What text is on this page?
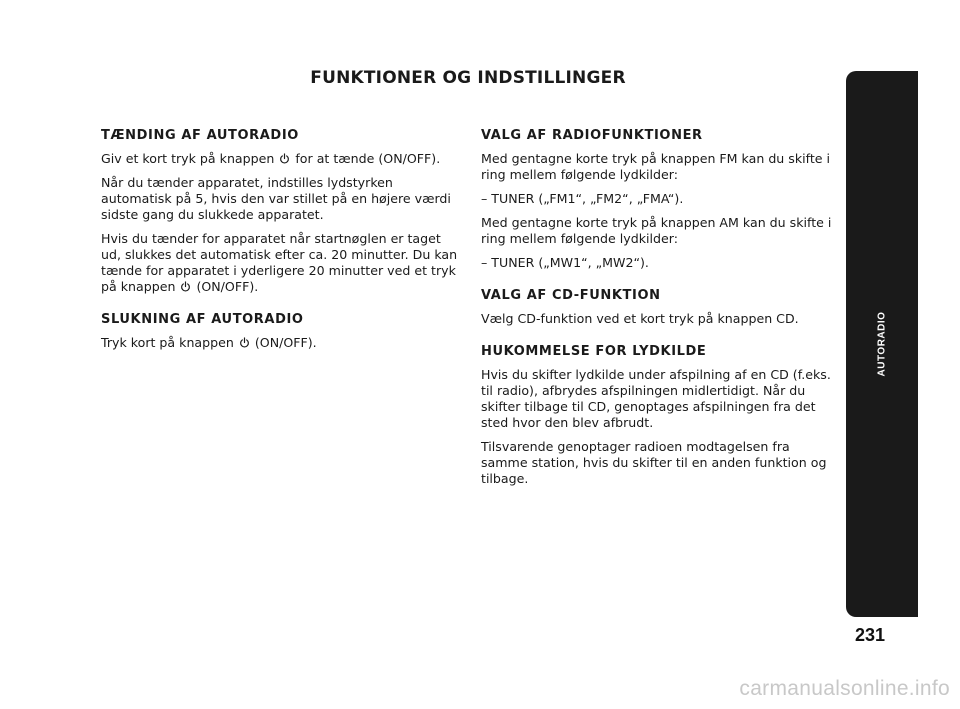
FUNKTIONER OG INDSTILLINGER
TÆNDING AF AUTORADIO
Giv et kort tryk på knappen
for at tænde (ON/OFF).
Når du tænder apparatet, indstilles lydstyrken automatisk på 5, hvis den var stillet på en højere værdi sidste gang du slukkede apparatet.
Hvis du tænder for apparatet når startnøglen er taget ud, slukkes det automatisk efter ca. 20 minutter. Du kan tænde for apparatet i yderligere 20 minutter ved et tryk på knappen
(ON/OFF).
SLUKNING AF AUTORADIO
Tryk kort på knappen
(ON/OFF).
VALG AF RADIOFUNKTIONER
Med gentagne korte tryk på knappen FM kan du skifte i ring mellem følgende lydkilder:
– TUNER („FM1“, „FM2“, „FMA“).
Med gentagne korte tryk på knappen AM kan du skifte i ring mellem følgende lydkilder:
– TUNER („MW1“, „MW2“).
VALG AF CD-FUNKTION
Vælg CD-funktion ved et kort tryk på knappen CD.
HUKOMMELSE FOR LYDKILDE
Hvis du skifter lydkilde under afspilning af en CD (f.eks. til radio), afbrydes afspilningen midlertidigt. Når du skifter tilbage til CD, genoptages afspilningen fra det sted hvor den blev afbrudt.
Tilsvarende genoptager radioen modtagelsen fra samme station, hvis du skifter til en anden funktion og tilbage.
AUTORADIO
231
carmanualsonline.info
